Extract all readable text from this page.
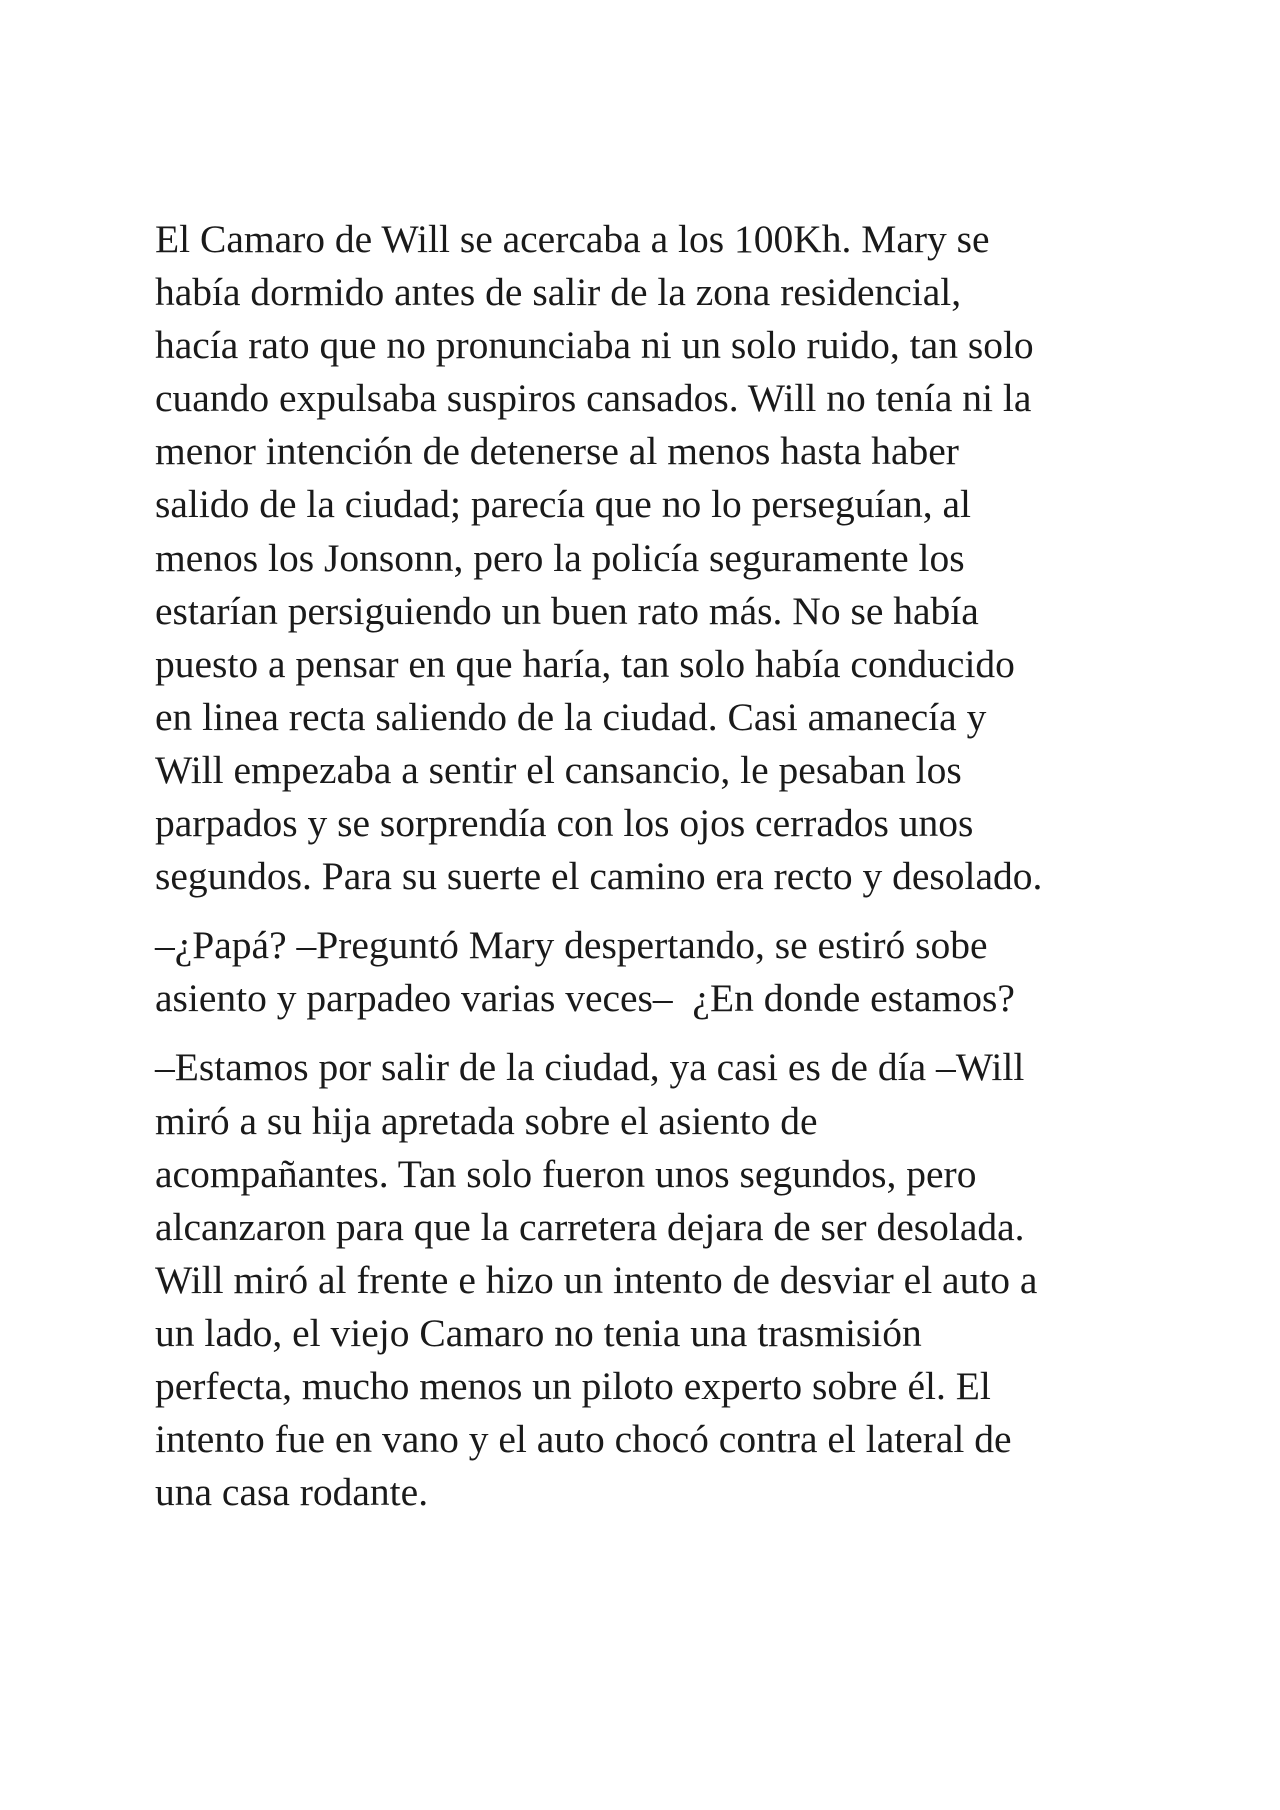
El Camaro de Will se acercaba a los 100Kh. Mary se
había dormido antes de salir de la zona residencial,
hacía rato que no pronunciaba ni un solo ruido, tan solo
cuando expulsaba suspiros cansados. Will no tenía ni la
menor intención de detenerse al menos hasta haber
salido de la ciudad; parecía que no lo perseguían, al
menos los Jonsonn, pero la policía seguramente los
estarían persiguiendo un buen rato más. No se había
puesto a pensar en que haría, tan solo había conducido
en linea recta saliendo de la ciudad. Casi amanecía y
Will empezaba a sentir el cansancio, le pesaban los
parpados y se sorprendía con los ojos cerrados unos
segundos. Para su suerte el camino era recto y desolado.

–¿Papá? –Preguntó Mary despertando, se estiró sobe
asiento y parpadeo varias veces–  ¿En donde estamos?

–Estamos por salir de la ciudad, ya casi es de día –Will
miró a su hija apretada sobre el asiento de
acompañantes. Tan solo fueron unos segundos, pero
alcanzaron para que la carretera dejara de ser desolada.
Will miró al frente e hizo un intento de desviar el auto a
un lado, el viejo Camaro no tenia una trasmisión
perfecta, mucho menos un piloto experto sobre él. El
intento fue en vano y el auto chocó contra el lateral de
una casa rodante.
